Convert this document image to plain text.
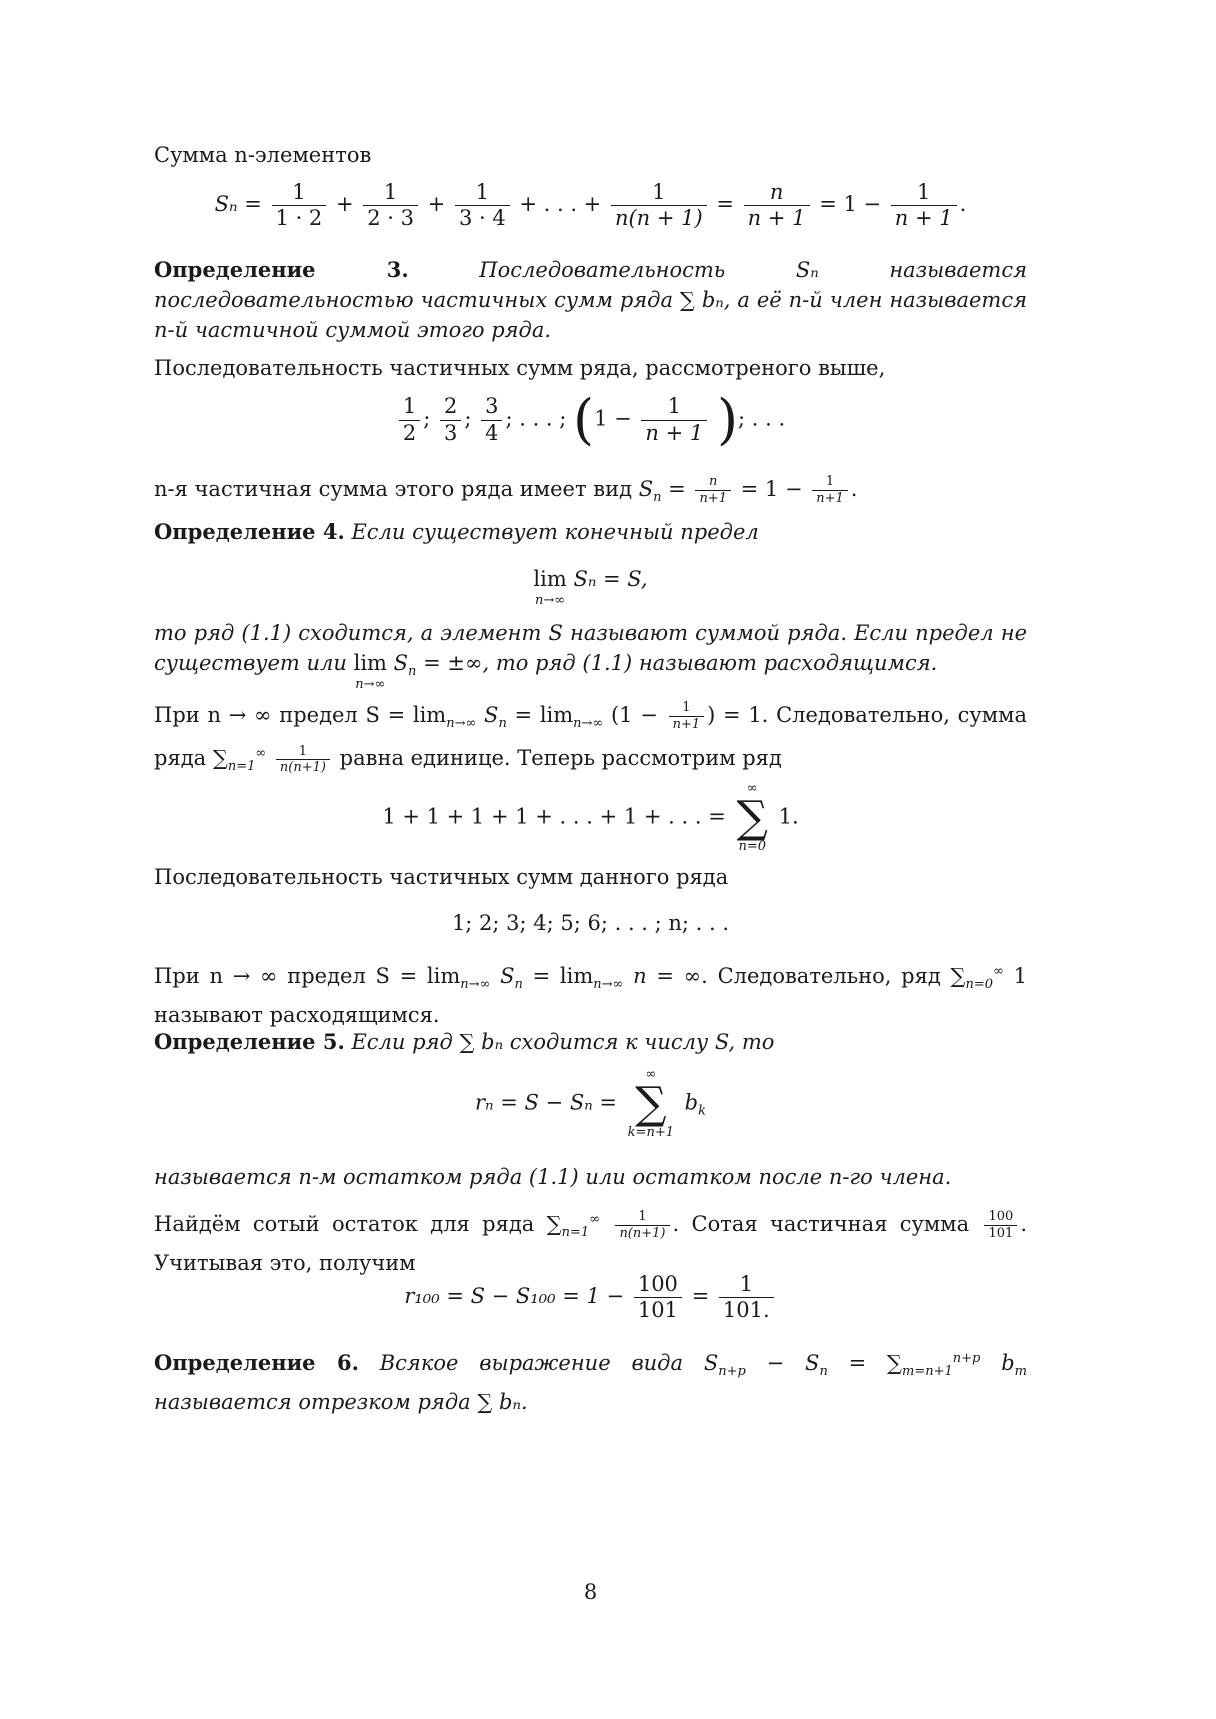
Сумма n-элементов
$S_n = \frac{1}{1 \cdot 2} + \frac{1}{2 \cdot 3} + \frac{1}{3 \cdot 4}$ + . . . + $\frac{1}{n(n + 1)} = \frac{n}{n + 1} = 1 - \frac{1}{n + 1}$ .
Определение 3.	Последовательность Sₙ называется последовательностью частичных сумм ряда ∑ bₙ, а её n-й член называется n-й частичной суммой этого ряда.
Последовательность частичных сумм ряда, рассмотреного выше,
$\frac{1}{2}$ ; $\frac{2}{3}$ ; $\frac{3}{4}$ ; . . . ; ($1 - \frac{1}{n + 1}$ ); . . .
n-я частичная сумма этого ряда имеет вид $S_n = \frac{n}{n+1} = 1 - \frac{1}{n+1}$ .
Определение 4. Если существует конечный предел
lim
n→∞
Sₙ = S,
то ряд (1.1) сходится, а элемент S называют суммой ряда. Если предел не существует или lim
n→∞
$S_n$ = ±∞, то ряд (1.1) называют расходящимся.
При n → ∞ предел $S = \lim_{n\to\infty} S_n = \lim_{n\to\infty} (1 - \frac{1}{n+1}$ ) = 1. Следовательно, сумма ряда $\sum_{n=1}^\infty \frac{1}{n(n+1)}$ равна единице. Теперь рассмотрим ряд
1 + 1 + 1 + 1 + . . . + 1 + . . . =
∞
∑
n=0
1.
Последовательность частичных сумм данного ряда
1; 2; 3; 4; 5; 6; . . . ; n; . . .
При n → ∞ предел $S = \lim_{n\to\infty} S_n = \lim_{n\to\infty} n$ = ∞. Следовательно, ряд $\sum_{n=0}^\infty$ 1 называют расходящимся.
Определение 5. Если ряд ∑ bₙ сходится к числу S, то
rₙ = S − Sₙ =
∞
∑
k=n+1
$b_k$
называется n-м остатком ряда (1.1) или остатком после n-го члена.
Найдём сотый остаток для ряда $\sum_{n=1}^\infty \frac{1}{n(n+1)}$ . Сотая частичная сумма $\frac{100}{101}$ . Учитывая это, получим
$r_{100} = S - S_{100} = 1 - \frac{100}{101} = \frac{1}{101.}$
Определение 6. Всякое выражение вида $S_{n+p} - S_n = \sum_{m=n+1}^{n+p}$ $b_m$ называется отрезком ряда ∑ bₙ.
8
